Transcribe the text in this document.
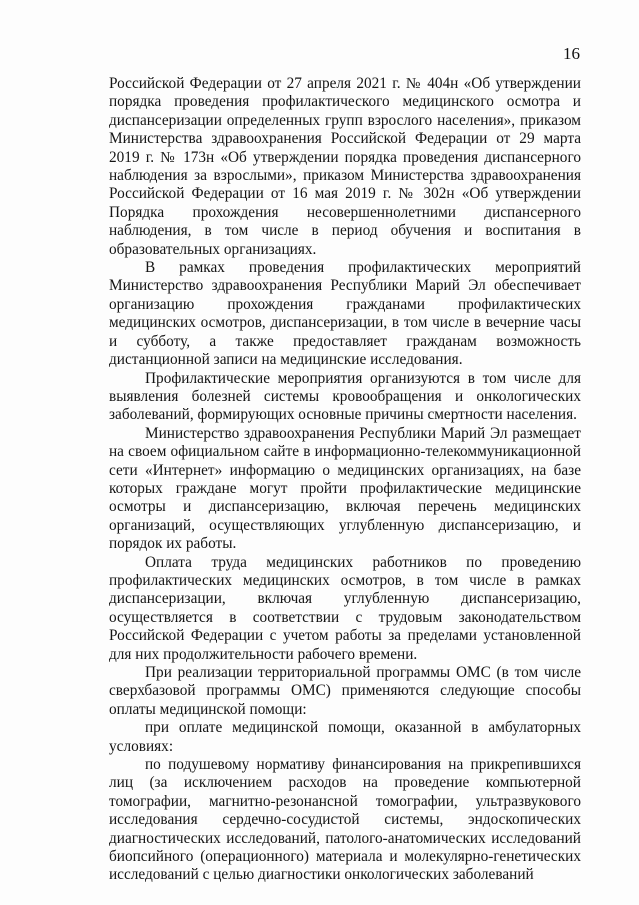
16

Российской Федерации от 27 апреля 2021 г. № 404н «Об утверждении порядка проведения профилактического медицинского осмотра и диспансеризации определенных групп взрослого населения», приказом Министерства здравоохранения Российской Федерации от 29 марта 2019 г. № 173н «Об утверждении порядка проведения диспансерного наблюдения за взрослыми», приказом Министерства здравоохранения Российской Федерации от 16 мая 2019 г. № 302н «Об утверждении Порядка прохождения несовершеннолетними диспансерного наблюдения, в том числе в период обучения и воспитания в образовательных организациях.

В рамках проведения профилактических мероприятий Министерство здравоохранения Республики Марий Эл обеспечивает организацию прохождения гражданами профилактических медицинских осмотров, диспансеризации, в том числе в вечерние часы и субботу, а также предоставляет гражданам возможность дистанционной записи на медицинские исследования.

Профилактические мероприятия организуются в том числе для выявления болезней системы кровообращения и онкологических заболеваний, формирующих основные причины смертности населения.

Министерство здравоохранения Республики Марий Эл размещает на своем официальном сайте в информационно-телекоммуникационной сети «Интернет» информацию о медицинских организациях, на базе которых граждане могут пройти профилактические медицинские осмотры и диспансеризацию, включая перечень медицинских организаций, осуществляющих углубленную диспансеризацию, и порядок их работы.

Оплата труда медицинских работников по проведению профилактических медицинских осмотров, в том числе в рамках диспансеризации, включая углубленную диспансеризацию, осуществляется в соответствии с трудовым законодательством Российской Федерации с учетом работы за пределами установленной для них продолжительности рабочего времени.

При реализации территориальной программы ОМС (в том числе сверхбазовой программы ОМС) применяются следующие способы оплаты медицинской помощи:

при оплате медицинской помощи, оказанной в амбулаторных условиях:

по подушевому нормативу финансирования на прикрепившихся лиц (за исключением расходов на проведение компьютерной томографии, магнитно-резонансной томографии, ультразвукового исследования сердечно-сосудистой системы, эндоскопических диагностических исследований, патолого-анатомических исследований биопсийного (операционного) материала и молекулярно-генетических исследований с целью диагностики онкологических заболеваний
